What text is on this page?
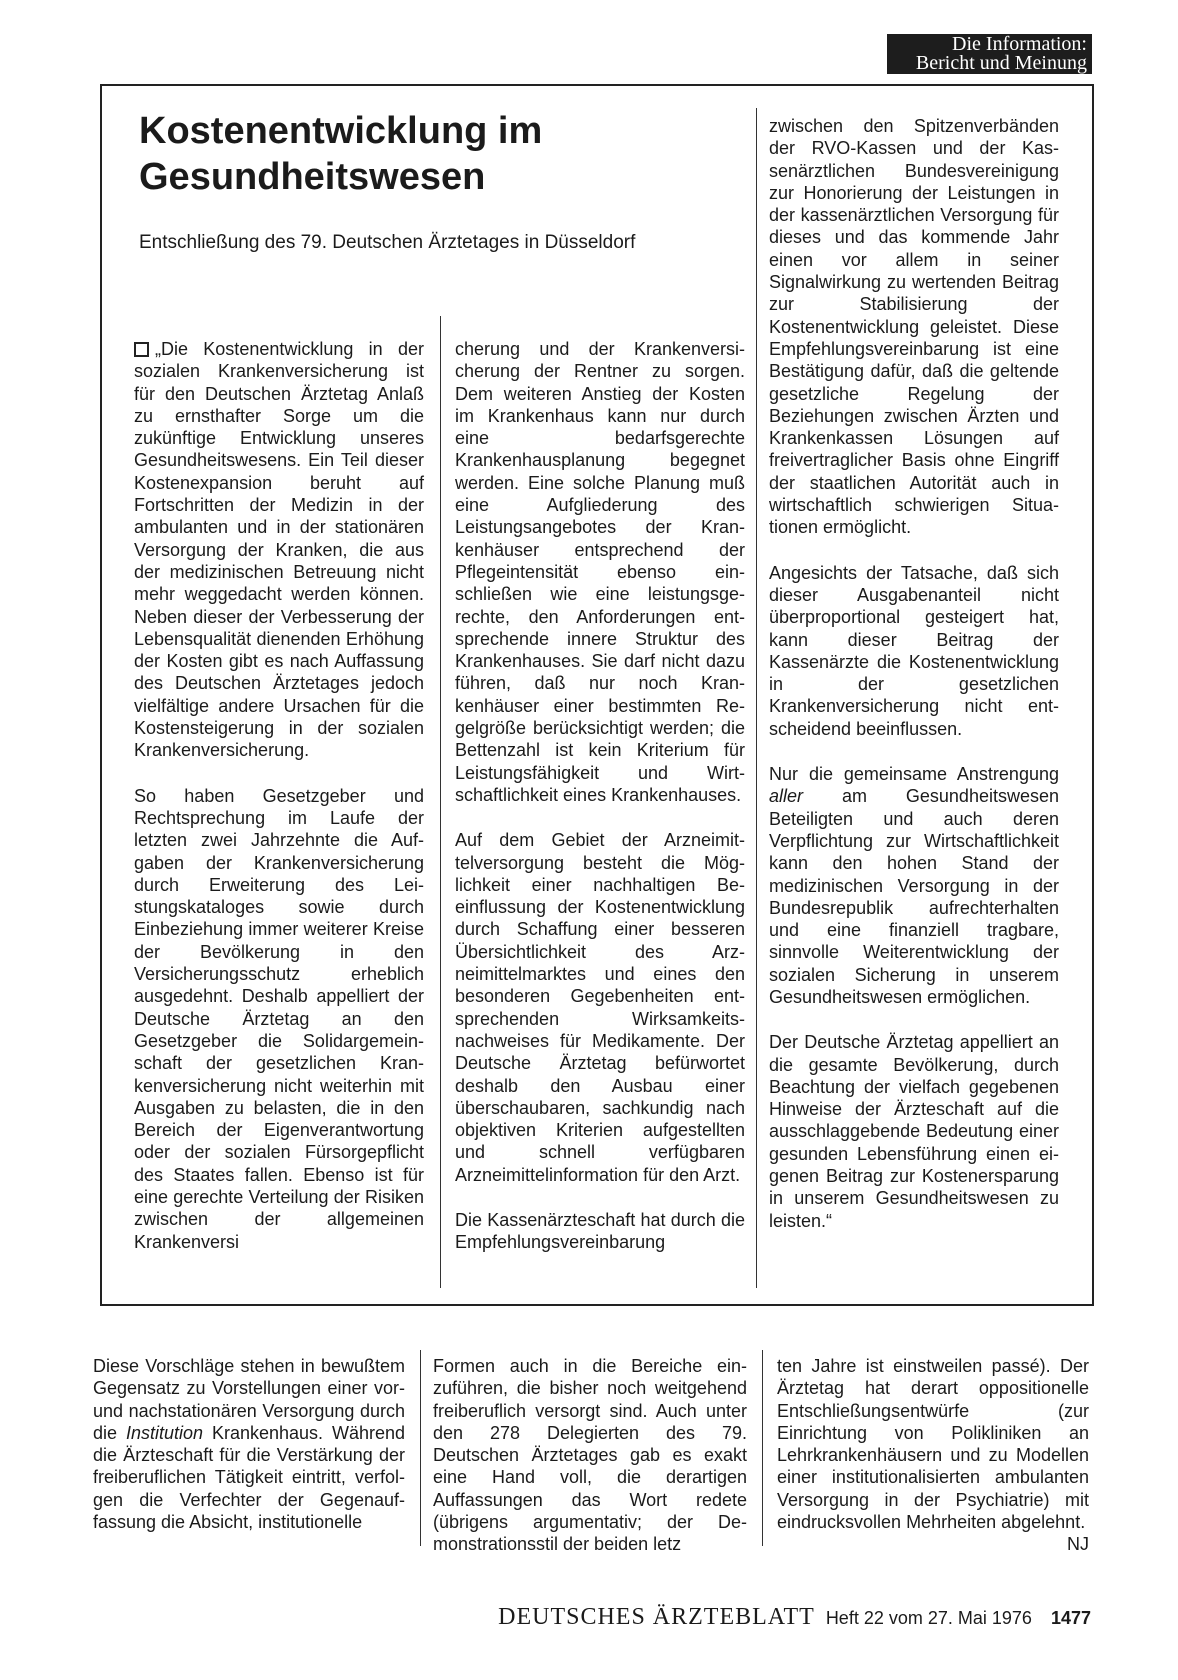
Die Information:
Bericht und Meinung
Kostenentwicklung im Gesundheitswesen

Entschließung des 79. Deutschen Ärztetages in Düsseldorf

„Die Kostenentwicklung in der sozialen Krankenversicherung ist für den Deutschen Ärztetag Anlaß zu ernsthafter Sorge um die zukünftige Entwicklung unseres Gesundheitswesens. Ein Teil dieser Kostenexpansion beruht auf Fortschritten der Medizin in der ambulanten und in der stationären Versorgung der Kranken, die aus der medizinischen Betreuung nicht mehr weggedacht werden können. Neben dieser der Verbesserung der Lebensqualität dienenden Erhöhung der Kosten gibt es nach Auffassung des Deutschen Ärztetages jedoch vielfältige andere Ursachen für die Kostensteigerung in der sozialen Krankenversicherung.

So haben Gesetzgeber und Rechtsprechung im Laufe der letzten zwei Jahrzehnte die Aufgaben der Krankenversicherung durch Erweiterung des Leistungskataloges sowie durch Einbeziehung immer weiterer Kreise der Bevölkerung in den Versicherungsschutz erheblich ausgedehnt. Deshalb appelliert der Deutsche Ärztetag an den Gesetzgeber die Solidargemeinschaft der gesetzlichen Krankenversicherung nicht weiterhin mit Ausgaben zu belasten, die in den Bereich der Eigenverantwortung oder der sozialen Fürsorgepflicht des Staates fallen. Ebenso ist für eine gerechte Verteilung der Risiken zwischen der allgemeinen Krankenversi

cherung und der Krankenversicherung der Rentner zu sorgen. Dem weiteren Anstieg der Kosten im Krankenhaus kann nur durch eine bedarfsgerechte Krankenhausplanung begegnet werden. Eine solche Planung muß eine Aufgliederung des Leistungsangebotes der Krankenhäuser entsprechend der Pflegeintensität ebenso einschließen wie eine leistungsgerechte, den Anforderungen entsprechende innere Struktur des Krankenhauses. Sie darf nicht dazu führen, daß nur noch Krankenhäuser einer bestimmten Regelgröße berücksichtigt werden; die Bettenzahl ist kein Kriterium für Leistungsfähigkeit und Wirtschaftlichkeit eines Krankenhauses.

Auf dem Gebiet der Arzneimittelversorgung besteht die Möglichkeit einer nachhaltigen Beeinflussung der Kostenentwicklung durch Schaffung einer besseren Übersichtlichkeit des Arzneimittelmarktes und eines den besonderen Gegebenheiten entsprechenden Wirksamkeitsnachweises für Medikamente. Der Deutsche Ärztetag befürwortet deshalb den Ausbau einer überschaubaren, sachkundig nach objektiven Kriterien aufgestellten und schnell verfügbaren Arzneimittelinformation für den Arzt.

Die Kassenärzteschaft hat durch die Empfehlungsvereinbarung

zwischen den Spitzenverbänden der RVO-Kassen und der Kassenärztlichen Bundesvereinigung zur Honorierung der Leistungen in der kassenärztlichen Versorgung für dieses und das kommende Jahr einen vor allem in seiner Signalwirkung zu wertenden Beitrag zur Stabilisierung der Kostenentwicklung geleistet. Diese Empfehlungsvereinbarung ist eine Bestätigung dafür, daß die geltende gesetzliche Regelung der Beziehungen zwischen Ärzten und Krankenkassen Lösungen auf freivertraglicher Basis ohne Eingriff der staatlichen Autorität auch in wirtschaftlich schwierigen Situationen ermöglicht.

Angesichts der Tatsache, daß sich dieser Ausgabenanteil nicht überproportional gesteigert hat, kann dieser Beitrag der Kassenärzte die Kostenentwicklung in der gesetzlichen Krankenversicherung nicht entscheidend beeinflussen.

Nur die gemeinsame Anstrengung aller am Gesundheitswesen Beteiligten und auch deren Verpflichtung zur Wirtschaftlichkeit kann den hohen Stand der medizinischen Versorgung in der Bundesrepublik aufrechterhalten und eine finanziell tragbare, sinnvolle Weiterentwicklung der sozialen Sicherung in unserem Gesundheitswesen ermöglichen.

Der Deutsche Ärztetag appelliert an die gesamte Bevölkerung, durch Beachtung der vielfach gegebenen Hinweise der Ärzteschaft auf die ausschlaggebende Bedeutung einer gesunden Lebensführung einen eigenen Beitrag zur Kostenersparung in unserem Gesundheitswesen zu leisten.“

Diese Vorschläge stehen in bewußtem Gegensatz zu Vorstellungen einer vor- und nachstationären Versorgung durch die Institution Krankenhaus. Während die Ärzteschaft für die Verstärkung der freiberuflichen Tätigkeit eintritt, verfolgen die Verfechter der Gegenauffassung die Absicht, institutionelle

Formen auch in die Bereiche einzuführen, die bisher noch weitgehend freiberuflich versorgt sind. Auch unter den 278 Delegierten des 79. Deutschen Ärztetages gab es exakt eine Hand voll, die derartigen Auffassungen das Wort redete (übrigens argumentativ; der Demonstrationsstil der beiden letz

ten Jahre ist einstweilen passé). Der Ärztetag hat derart oppositionelle Entschließungsentwürfe (zur Einrichtung von Polikliniken an Lehrkrankenhäusern und zu Modellen einer institutionalisierten ambulanten Versorgung in der Psychiatrie) mit eindrucksvollen Mehrheiten abgelehnt.
NJ

DEUTSCHES ÄRZTEBLATT Heft 22 vom 27. Mai 1976 1477
